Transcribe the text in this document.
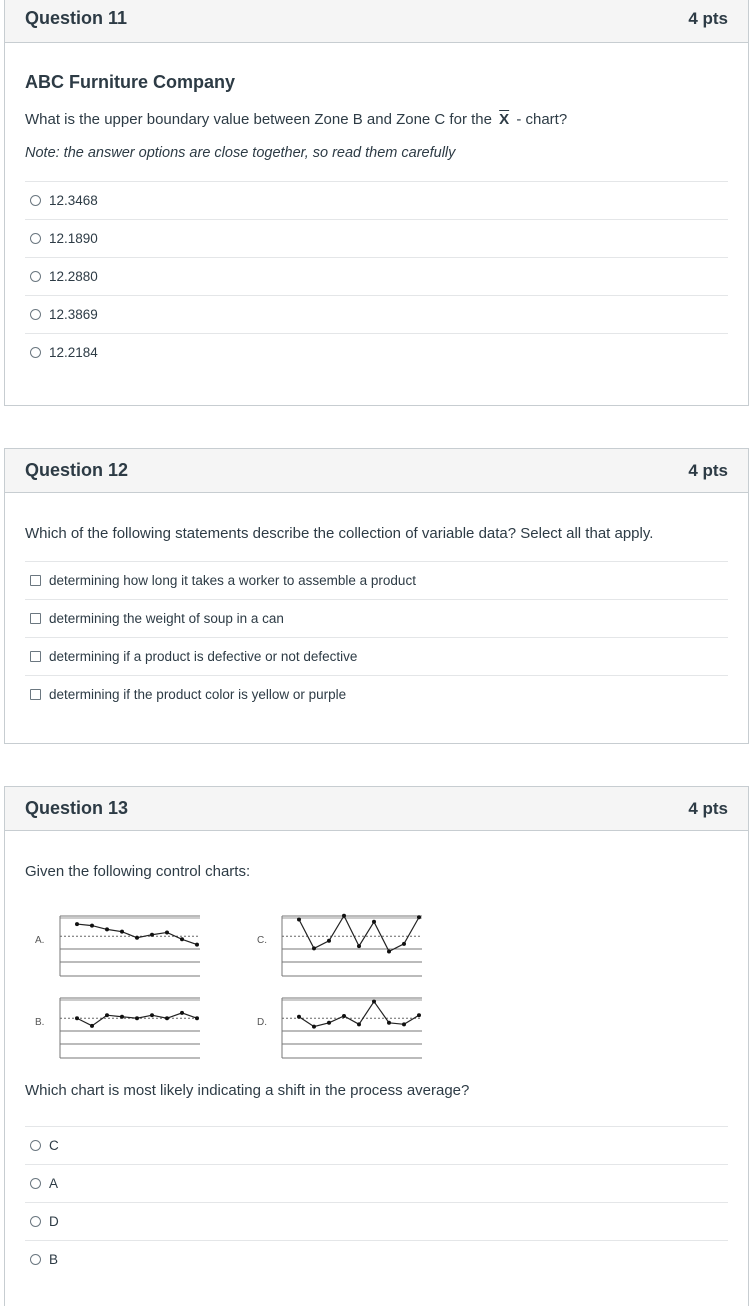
Question 11	4 pts

ABC Furniture Company

What is the upper boundary value between Zone B and Zone C for the $\overline{X}$ - chart?

Note: the answer options are close together, so read them carefully

12.3468
12.1890
12.2880
12.3869
12.2184
Question 12	4 pts

Which of the following statements describe the collection of variable data? Select all that apply.

determining how long it takes a worker to assemble a product
determining the weight of soup in a can
determining if a product is defective or not defective
determining if the product color is yellow or purple
Question 13	4 pts

Given the following control charts:

A.
B.
C.
D.

Which chart is most likely indicating a shift in the process average?

C
A
D
B
